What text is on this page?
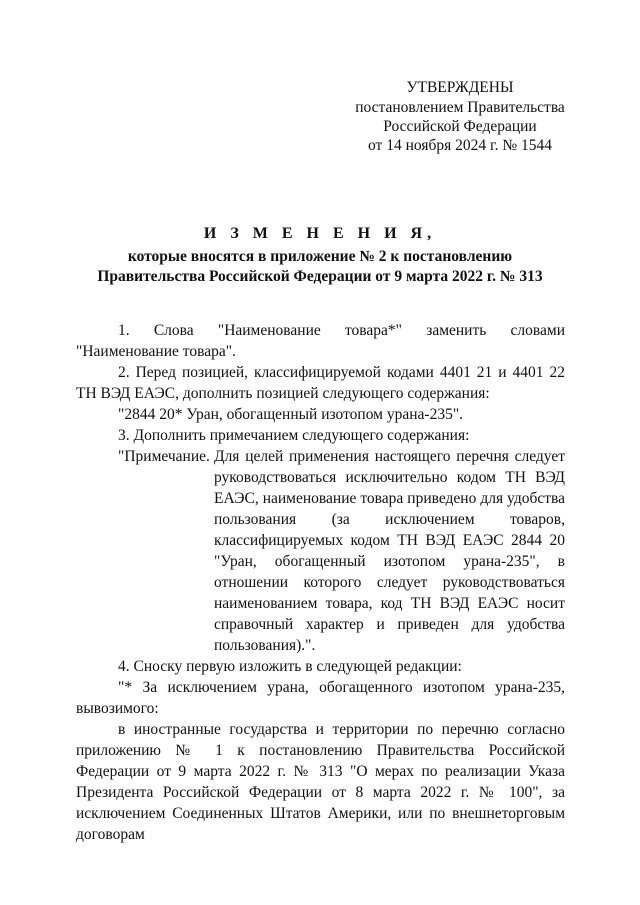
УТВЕРЖДЕНЫ
постановлением Правительства
Российской Федерации
от 14 ноября 2024 г. № 1544
И З М Е Н Е Н И Я,
которые вносятся в приложение № 2 к постановлению
Правительства Российской Федерации от 9 марта 2022 г. № 313

1. Слова "Наименование товара*" заменить словами "Наименование товара".

2. Перед позицией, классифицируемой кодами 4401 21 и 4401 22 ТН ВЭД ЕАЭС, дополнить позицией следующего содержания:

"2844 20* Уран, обогащенный изотопом урана-235".

3. Дополнить примечанием следующего содержания:

"Примечание. Для целей применения настоящего перечня следует руководствоваться исключительно кодом ТН ВЭД ЕАЭС, наименование товара приведено для удобства пользования (за исключением товаров, классифицируемых кодом ТН ВЭД ЕАЭС 2844 20 "Уран, обогащенный изотопом урана-235", в отношении которого следует руководствоваться наименованием товара, код ТН ВЭД ЕАЭС носит справочный характер и приведен для удобства пользования).".

4. Сноску первую изложить в следующей редакции:

"* За исключением урана, обогащенного изотопом урана-235, вывозимого:

в иностранные государства и территории по перечню согласно приложению № 1 к постановлению Правительства Российской Федерации от 9 марта 2022 г. № 313 "О мерах по реализации Указа Президента Российской Федерации от 8 марта 2022 г. № 100", за исключением Соединенных Штатов Америки, или по внешнеторговым договорам
